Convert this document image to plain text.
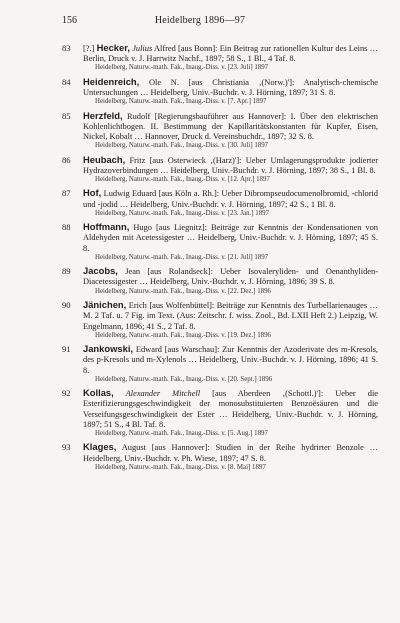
156	Heidelberg 1896—97
83 [?.] Hecker, Julius Alfred [aus Bonn]: Ein Beitrag zur rationellen Kultur des Leins … Berlin, Druck v. J. Harrwitz Nachf., 1897; 58 S., 1 Bl., 4 Taf. 8.
Heidelberg, Naturw.-math. Fak., Inaug.-Diss. v. [23. Juli] 1897
84 Heidenreich, Ole N. [aus Christiania ‚(Norw.)']: Analytisch-chemische Untersuchungen … Heidelberg, Univ.-Buchdr. v. J. Hörning, 1897; 31 S. 8.
Heidelberg, Naturw.-math. Fak., Inaug.-Diss. v. [7. Apr.] 1897
85 Herzfeld, Rudolf [Regierungsbauführer aus Hannover]: I. Über den elektrischen Kohlenlichtbogen. II. Bestimmung der Kapillaritätskonstanten für Kupfer, Eisen, Nickel, Kobalt … Hannover, Druck d. Vereinsbuchdr., 1897; 32 S. 8.
Heidelberg, Naturw.-math. Fak., Inaug.-Diss. v. [30. Juli] 1897
86 Heubach, Fritz [aus Osterwieck ‚(Harz)']: Ueber Umlagerungsprodukte jodierter Hydrazoverbindungen … Heidelberg, Univ.-Buchdr. v. J. Hörning, 1897; 38 S., 1 Bl. 8.
Heidelberg, Naturw.-math. Fak., Inaug.-Diss. v. [12. Apr.] 1897
87 Hof, Ludwig Eduard [aus Köln a. Rh.]: Ueber Dibrompseudocumenolbromid, -chlorid und -jodid … Heidelberg, Univ.-Buchdr. v. J. Hörning, 1897; 42 S., 1 Bl. 8.
Heidelberg, Naturw.-math. Fak., Inaug.-Diss. v. [23. Jan.] 1897
88 Hoffmann, Hugo [aus Liegnitz]: Beiträge zur Kenntnis der Kondensationen von Aldehyden mit Acetessigester … Heidelberg, Univ.-Buchdr. v. J. Hörning, 1897; 45 S. 8.
Heidelberg, Naturw.-math. Fak., Inaug.-Diss. v. [21. Juli] 1897
89 Jacobs, Jean [aus Rolandseck]: Ueber Isovaleryliden- und Oenanthyliden-Diacetessigester … Heidelberg, Univ.-Buchdr. v. J. Hörning, 1896; 39 S. 8.
Heidelberg, Naturw.-math. Fak., Inaug.-Diss. v. [22. Dez.] 1896
90 Jänichen, Erich [aus Wolfenbüttel]: Beiträge zur Kenntnis des Turbellarienauges … M. 2 Taf. u. 7 Fig. im Text. (Aus: Zeitschr. f. wiss. Zool., Bd. LXII Heft 2.) Leipzig, W. Engelmann, 1896; 41 S., 2 Taf. 8.
Heidelberg, Naturw.-math. Fak., Inaug.-Diss. v. [19. Dez.] 1896
91 Jankowski, Edward [aus Warschau]: Zur Kenntnis der Azoderivate des m-Kresols, des p-Kresols und m-Xylenols … Heidelberg, Univ.-Buchdr. v. J. Hörning, 1896; 41 S. 8.
Heidelberg, Naturw.-math. Fak., Inaug.-Diss. v. [20. Sept.] 1896
92 Kollas, Alexander Mitchell [aus Aberdeen ‚(Schottl.)']: Ueber die Esterifizierungsgeschwindigkeit der monosubstituierten Benzoësäuren und die Verseifungsgeschwindigkeit der Ester … Heidelberg, Univ.-Buchdr. v. J. Hörning, 1897; 51 S., 4 Bl. Taf. 8.
Heidelberg, Naturw.-math. Fak., Inaug.-Diss. v. [5. Aug.] 1897
93 Klages, August [aus Hannover]: Studien in der Reihe hydrirter Benzole … Heidelberg, Univ.-Buchdr. v. Ph. Wiese, 1897; 47 S. 8.
Heidelberg, Naturw.-math. Fak., Inaug.-Diss. v. [8. Mai] 1897
